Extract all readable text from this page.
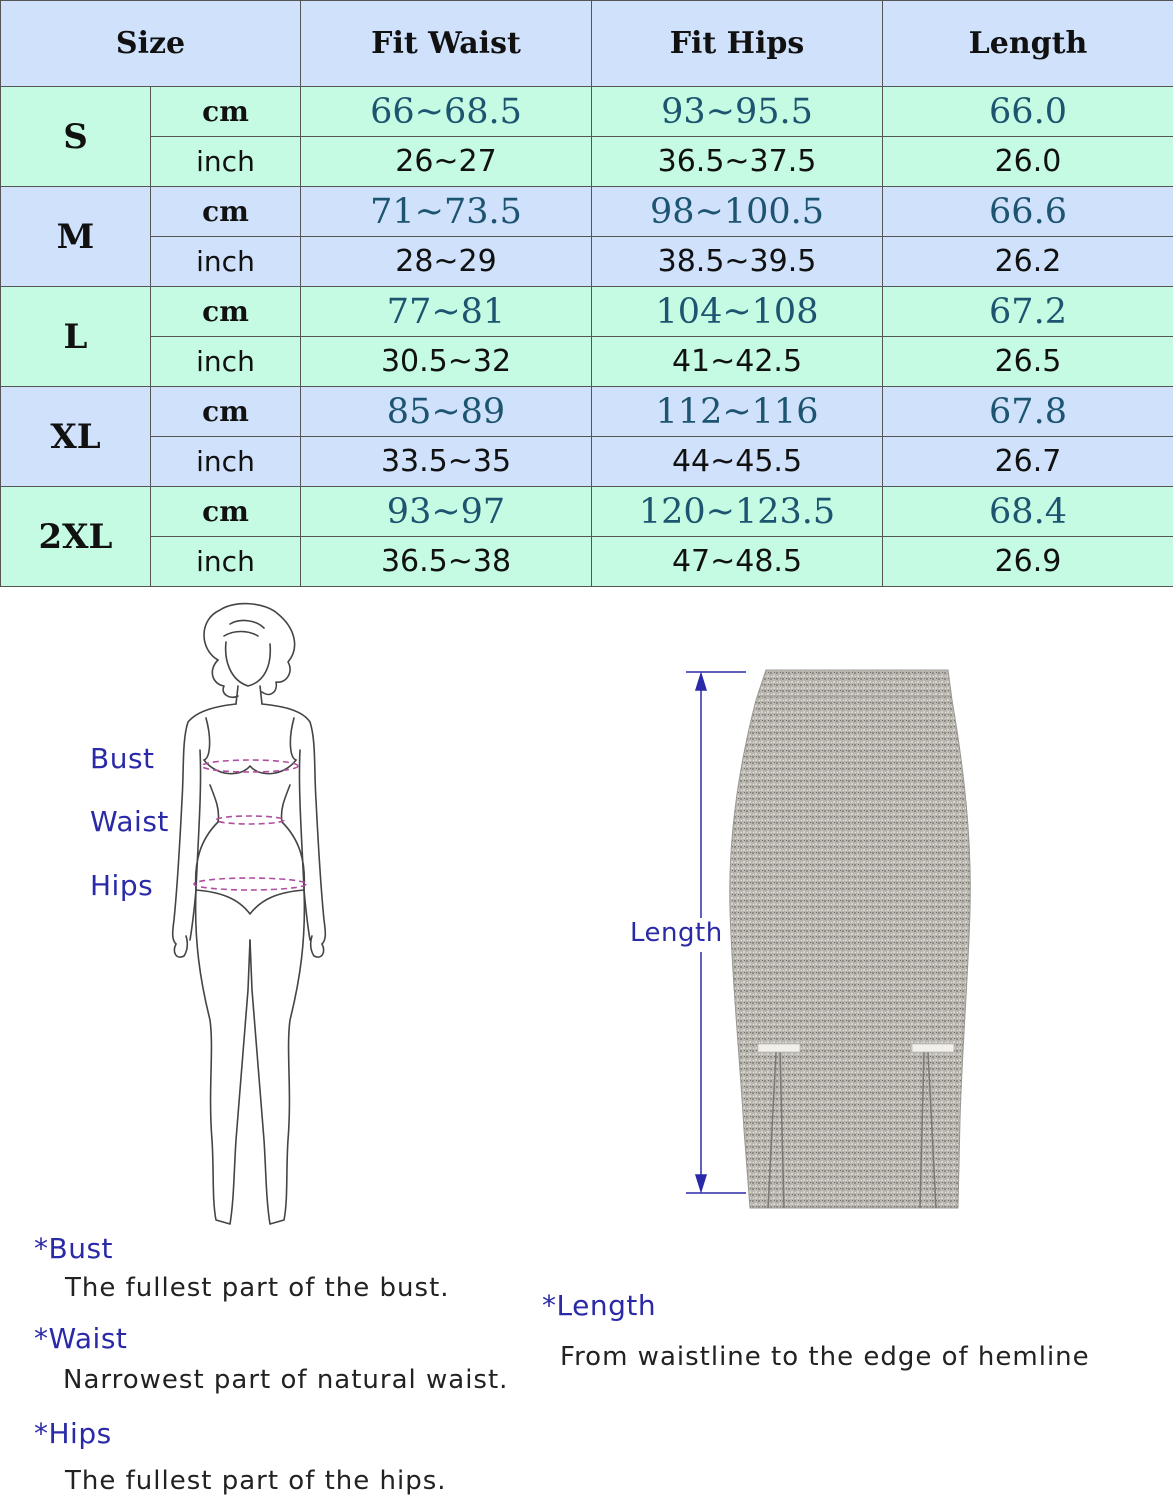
Size		Fit Waist	Fit Hips	Length
S	cm	66~68.5	93~95.5	66.0
	inch	26~27	36.5~37.5	26.0
M	cm	71~73.5	98~100.5	66.6
	inch	28~29	38.5~39.5	26.2
L	cm	77~81	104~108	67.2
	inch	30.5~32	41~42.5	26.5
XL	cm	85~89	112~116	67.8
	inch	33.5~35	44~45.5	26.7
2XL	cm	93~97	120~123.5	68.4
	inch	36.5~38	47~48.5	26.9
Bust
Waist
Hips
Length
*Bust
The fullest part of the bust.
*Waist
Narrowest part of natural waist.
*Hips
The fullest part of the hips.
*Length
From waistline to the edge of hemline
